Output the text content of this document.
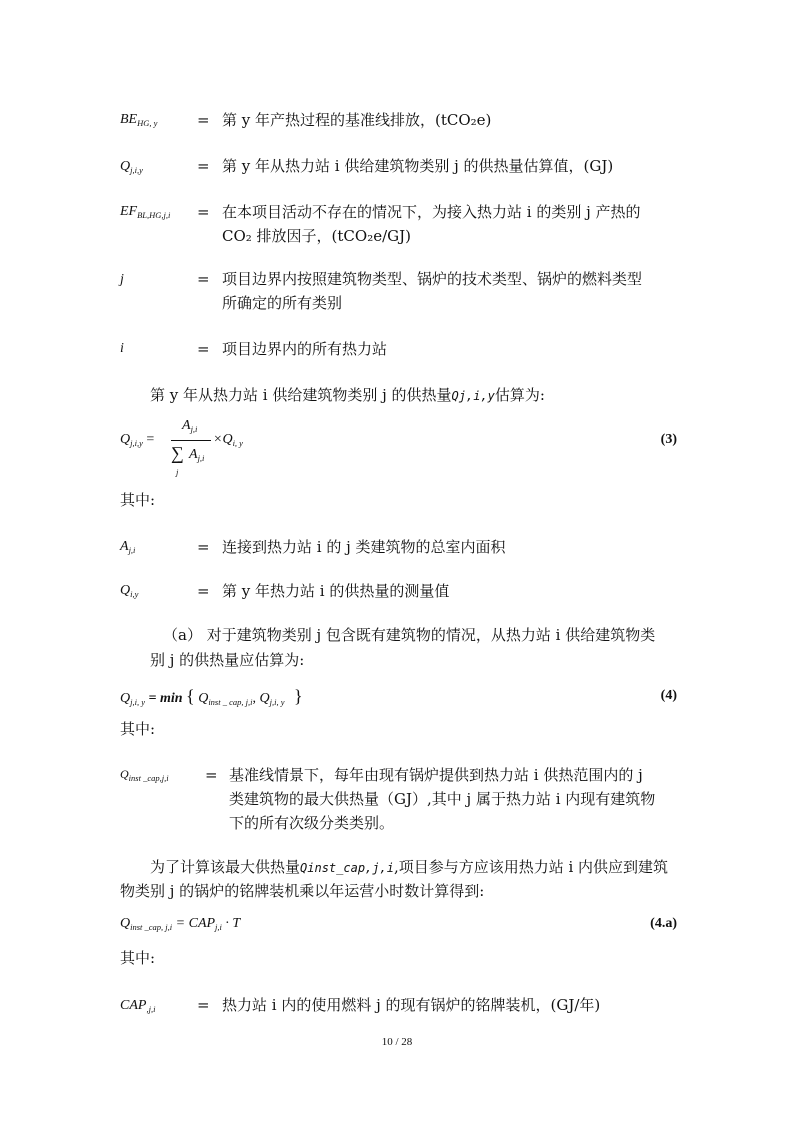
$BE_{HG, y}$	= 第 y 年产热过程的基准线排放，(tCO₂e)
$Q_{j,i,y}$	= 第 y 年从热力站 i 供给建筑物类别 j 的供热量估算值，(GJ)
$EF_{BL,HG,j,i}$ = 在本项目活动不存在的情况下，为接入热力站 i 的类别 j 产热的
CO₂ 排放因子，(tCO₂e/GJ)
j	= 项目边界内按照建筑物类型、锅炉的技术类型、锅炉的燃料类型
所确定的所有类别
i	= 项目边界内的所有热力站
第 y 年从热力站 i 供给建筑物类别 j 的供热量Qj,i,y估算为:
$Q_{j,i,y}$ =
$A_{j,i}$
∑
$_j$
$A_{j,i}$
$\times Q_{i, y}$	(3)
其中:
$A_{j,i}$	= 连接到热力站 i 的 j 类建筑物的总室内面积
$Q_{i,y}$	= 第 y 年热力站 i 的供热量的测量值
（a） 对于建筑物类别 j 包含既有建筑物的情况，从热力站 i 供给建筑物类
别 j 的供热量应估算为:
$Q_{j,i, y} = \min$ { $Q_{inst \_ cap, j,i}$, $Q_{j,i, y}$ }	(4)
其中:
$Q_{inst \_cap,j,i}$ = 基准线情景下，每年由现有锅炉提供到热力站 i 供热范围内的 j
类建筑物的最大供热量（GJ）,其中 j 属于热力站 i 内现有建筑物
下的所有次级分类类别。
为了计算该最大供热量Qinst_cap,j,i,项目参与方应该用热力站 i 内供应到建筑
物类别 j 的锅炉的铭牌装机乘以年运营小时数计算得到:
$Q_{inst \_cap, j,i} = CAP_{j,i} \cdot T$	(4.a)
其中:
$CAP_{,j,i}$	= 热力站 i 内的使用燃料 j 的现有锅炉的铭牌装机，(GJ/年)
10 / 28
